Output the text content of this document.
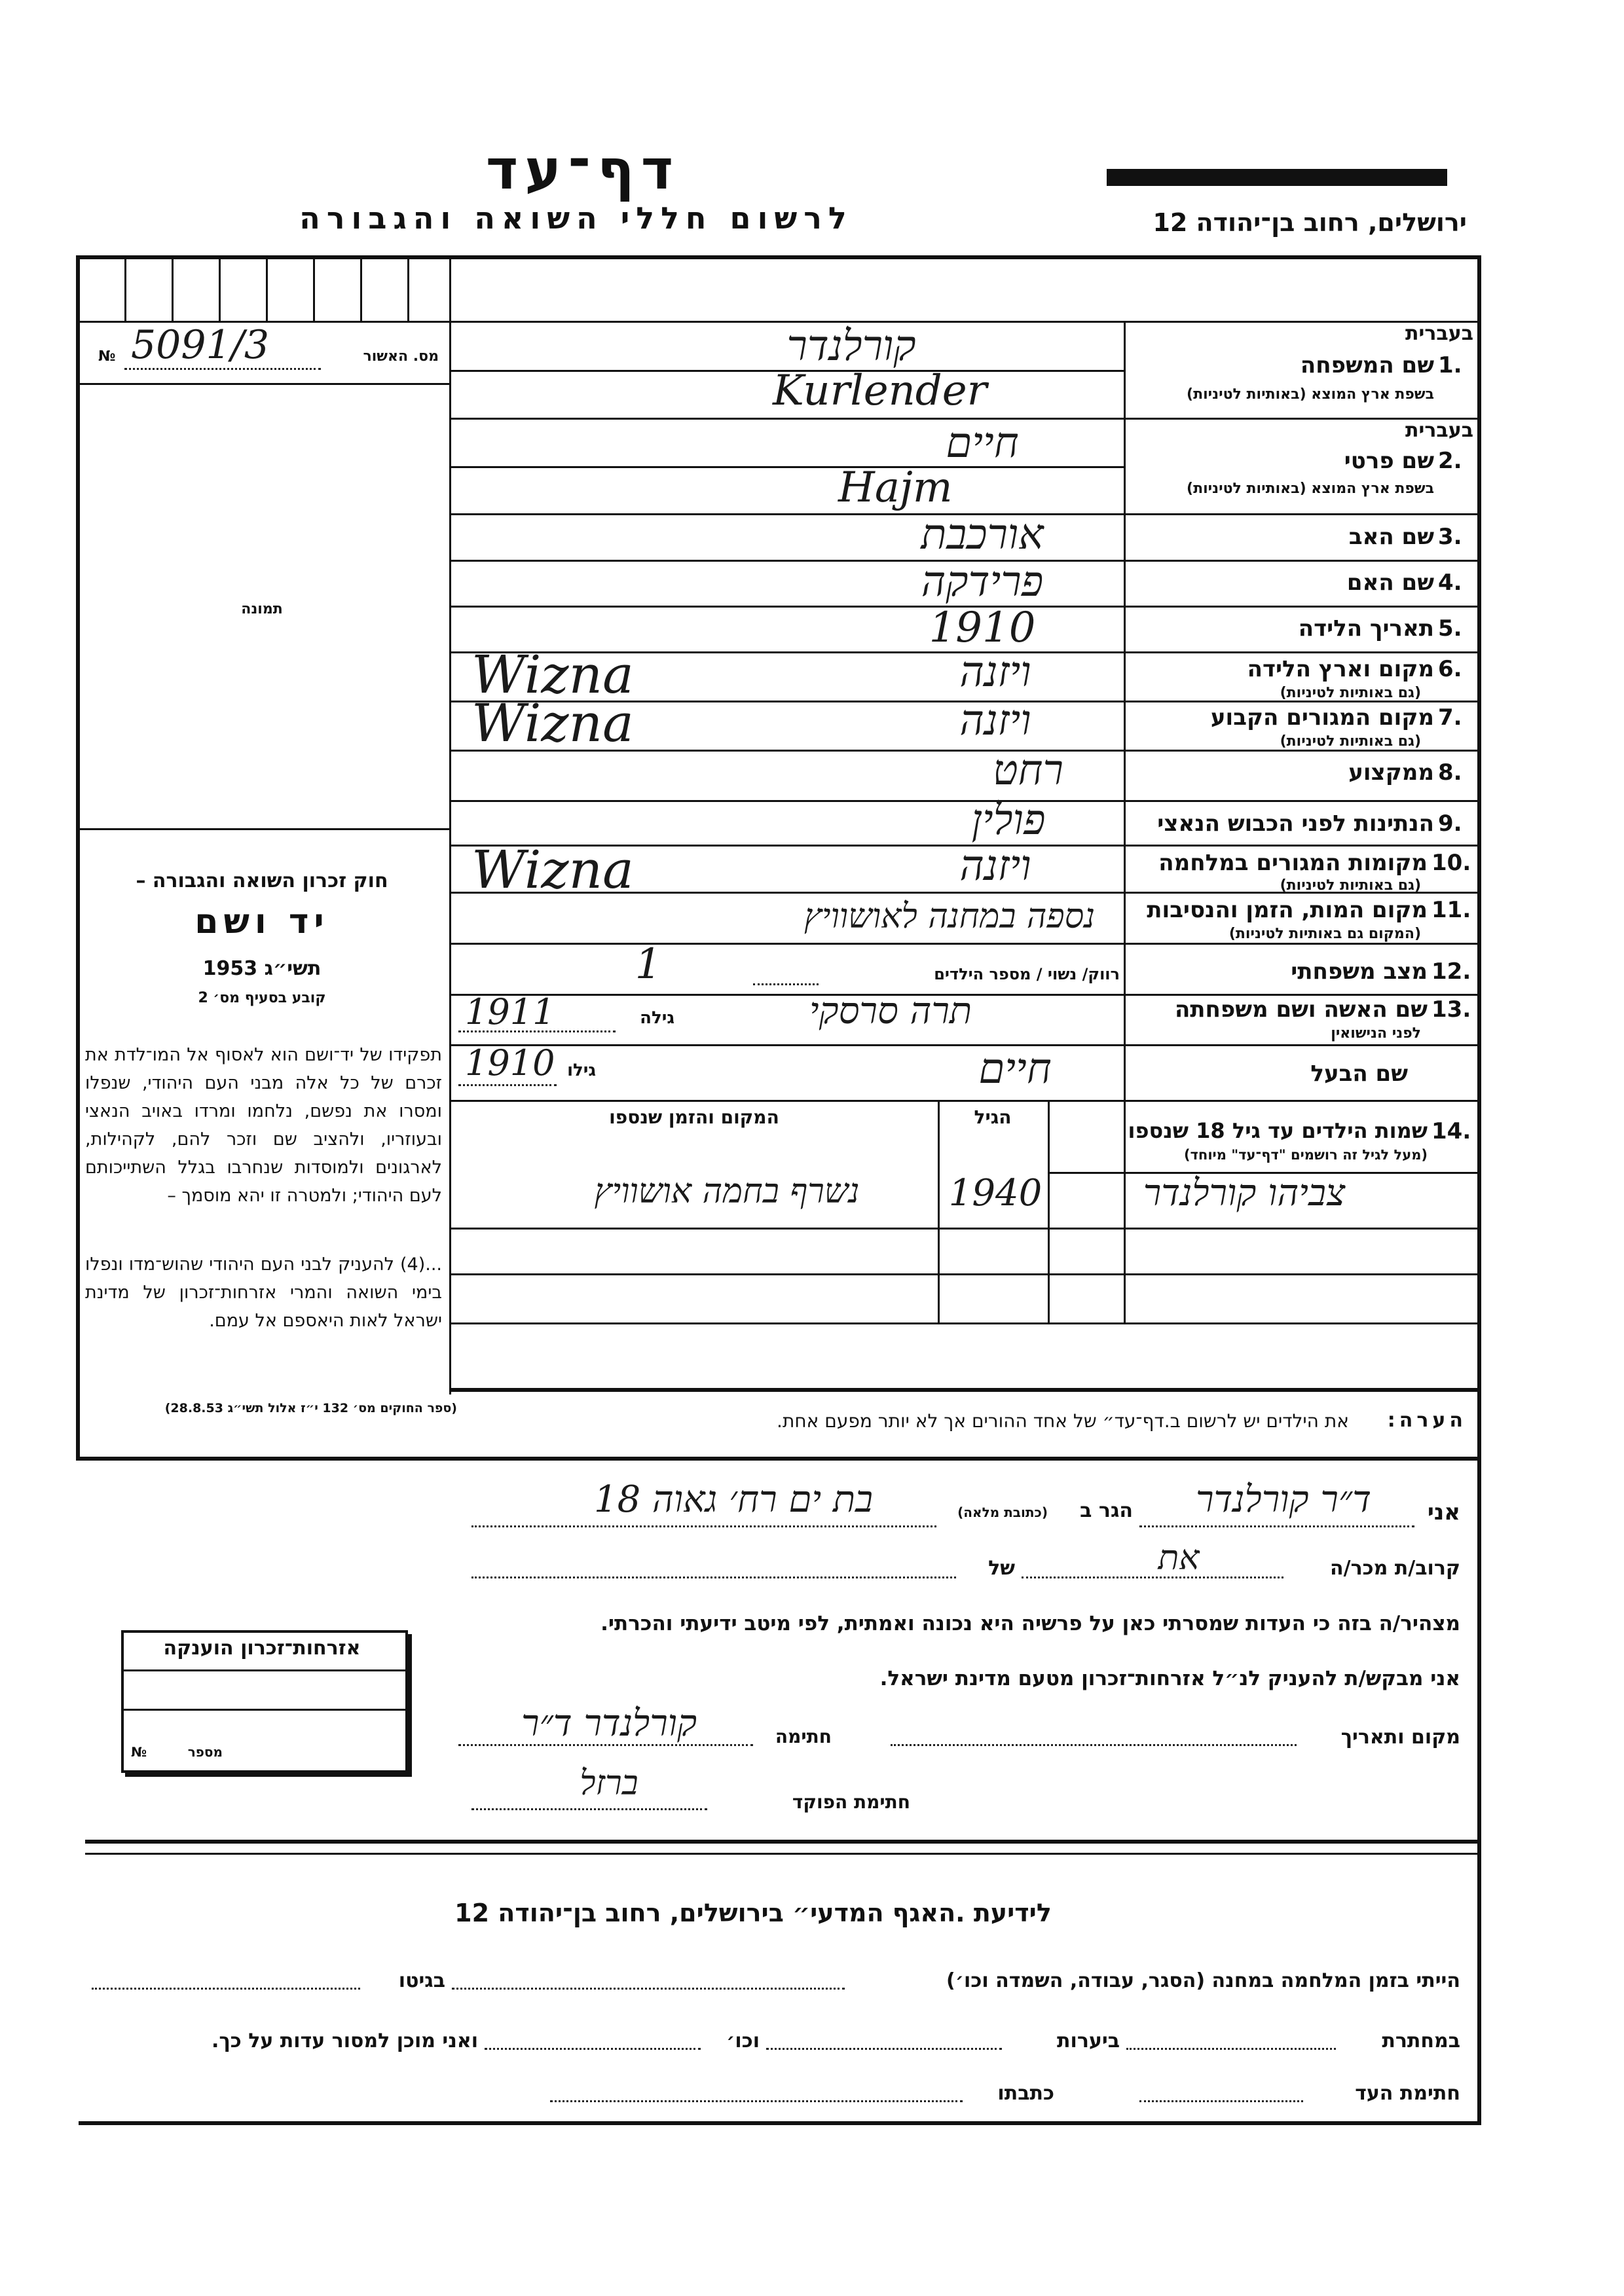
דף־עד
לרשום חללי השואה והגבורה	ירושלים, רחוב בן־יהודה 12
מס. האשור
№ 5091/3
תמונה
חוק זכרון השואה והגבורה –
יד ושם
תשי״ג 1953
קובע בסעיף מס׳ 2
תפקידו של יד־ושם הוא לאסוף אל המו־לדת את זכרם של כל אלה מבני העם היהודי, שנפלו ומסרו את נפשם, נלחמו ומרדו באויב הנאצי ובעוזריו, ולהציב שם וזכר להם, לקהילות, לארגונים ולמוסדות שנחרבו בגלל השתייכותם לעם היהודי; ולמטרה זו יהא מוסמך –
...(4) להעניק לבני העם היהודי שהוש־מדו ונפלו בימי השואה והמרי אזרחות־זכרון של מדינת ישראל לאות היאספם אל עמם.
(ספר החוקים מס׳ 132 י״ז אלול תשי״ג 28.8.53)
בעברית
1.
שם המשפחה
בשפת ארץ המוצא (באותיות לטיניות)
קורלנדר
Kurlender
בעברית
2.
שם פרטי
בשפת ארץ המוצא (באותיות לטיניות)
חיים
Hajm
3.
שם האב
אורכבת
4.
שם האם
פרידקה
5.
תאריך הלידה
1910
6.
מקום וארץ הלידה
(גם באותיות לטיניות)
ויזנה
Wizna
7.
מקום המגורים הקבוע
(גם באותיות לטיניות)
ויזנה
Wizna
8.
ממקצוע
רחט
9.
הנתינות לפני הכבוש הנאצי
פולין
10.
מקומות המגורים במלחמה
(גם באותיות לטיניות)
ויזנה
Wizna
11.
מקום המות, הזמן והנסיבות
(המקום גם באותיות לטיניות)
נספה במחנה לאושוויץ
12.
מצב משפחתי
רווק/ נשוי / מספר הילדים
1
13.
שם האשה ושם משפחתה
לפני הנישואין
תרה סרסקי
גילה
1911
שם הבעל
חיים
גילו
1910
14.
שמות הילדים עד גיל 18 שנספו
(מעל לגיל זה רושמים "דף־עד" מיוחד)
הגיל
המקום והזמן שנספו
צביהו קורלנדר
1940
נשרף בחמה אושוויץ
הערה:
את הילדים יש לרשום ב.דף־עד״ של אחד ההורים אך לא יותר מפעם אחת.
אני
ד״ר קורלנדר
הגר ב
(כתובת מלאה)
בת ים רח׳ גאוה 18
קרוב/ת מכר/ה
את
של
מצהיר/ה בזה כי העדות שמסרתי כאן על פרשיה היא נכונה ואמתית, לפי מיטב ידיעתי והכרתי.
אני מבקש/ת להעניק לנ״ל אזרחות־זכרון מטעם מדינת ישראל.
מקום ותאריך
חתימה
קורלנדר ד״ר
חתימת הפוקד
ברזל
אזרחות־זכרון הוענקה
מספר
№
לידיעת .האגף המדעי״ בירושלים, רחוב בן־יהודה 12
הייתי בזמן המלחמה במחנה (הסגר, עבודה, השמדה וכו׳)
בגיטו
במחתרת
ביערות
וכו׳
ואני מוכן למסור עדות על כך.
חתימת העד
כתבתו
